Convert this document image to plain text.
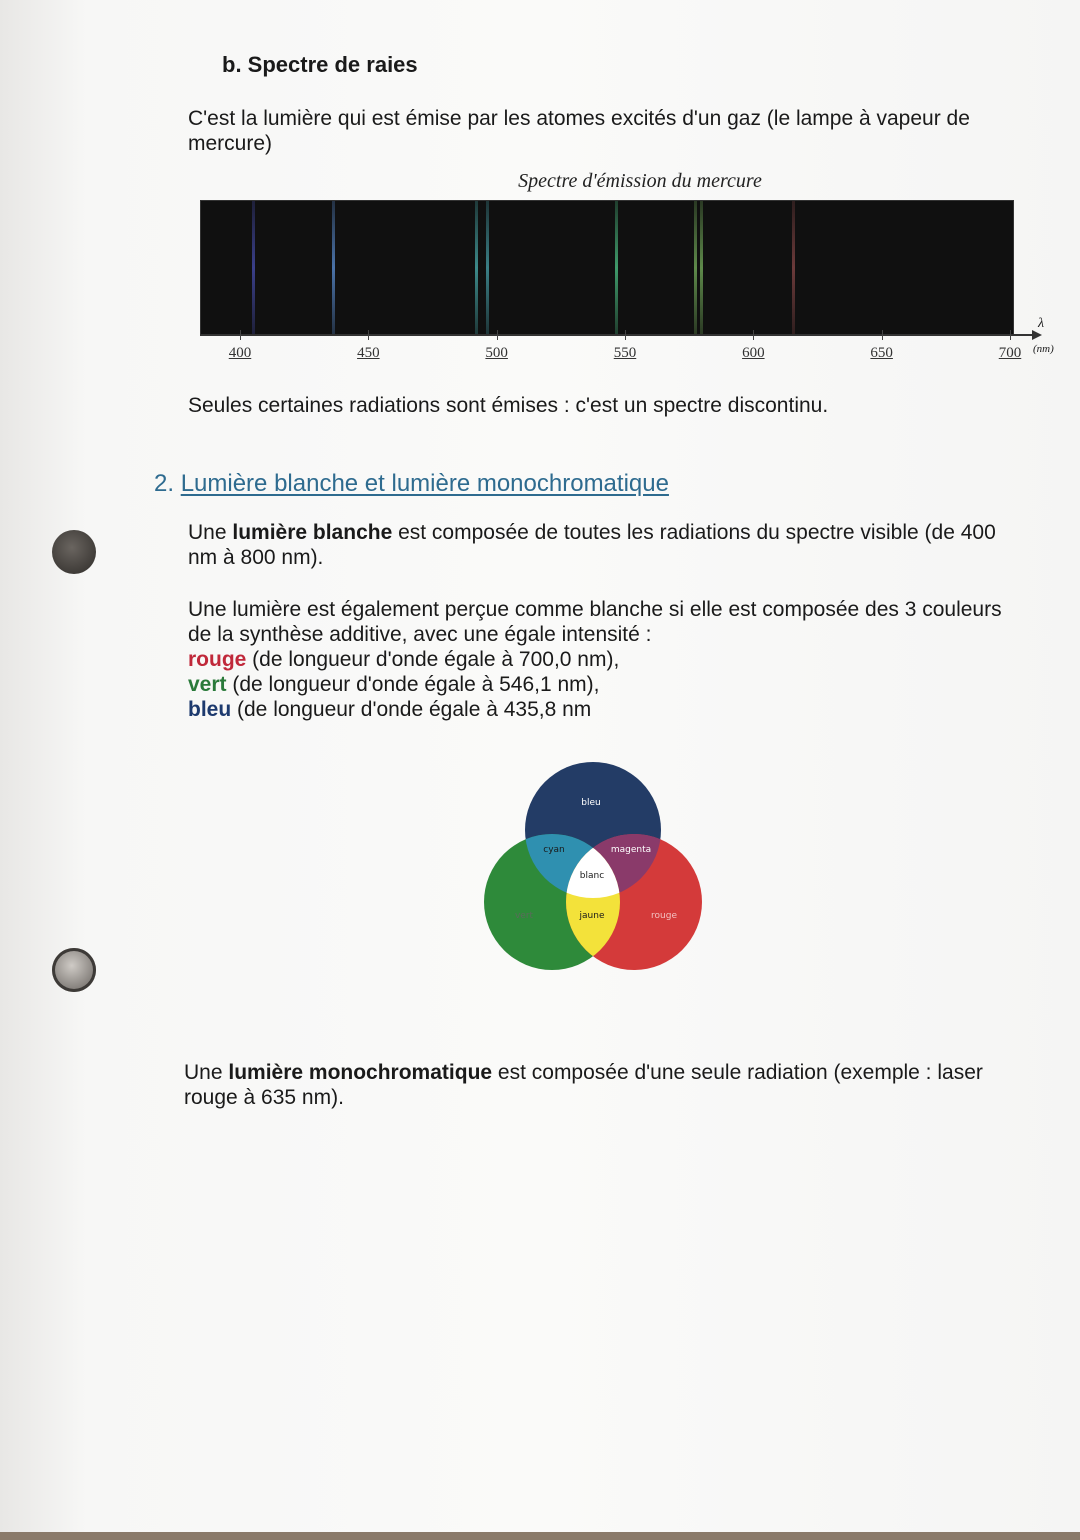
b. Spectre de raies

C'est la lumière qui est émise par les atomes excités d'un gaz (le lampe à vapeur de mercure)

Spectre d'émission du mercure
400	450	500	550	600	650	700
λ
(nm)

Seules certaines radiations sont émises : c'est un spectre discontinu.

2. Lumière blanche et lumière monochromatique

Une lumière blanche est composée de toutes les radiations du spectre visible (de 400 nm à 800 nm).

Une lumière est également perçue comme blanche si elle est composée des 3 couleurs de la synthèse additive, avec une égale intensité :
rouge (de longueur d'onde égale à 700,0 nm),
vert (de longueur d'onde égale à 546,1 nm),
bleu (de longueur d'onde égale à 435,8 nm

bleu
cyan	magenta
blanc
vert	jaune	rouge

Une lumière monochromatique est composée d'une seule radiation (exemple : laser rouge à 635 nm).
